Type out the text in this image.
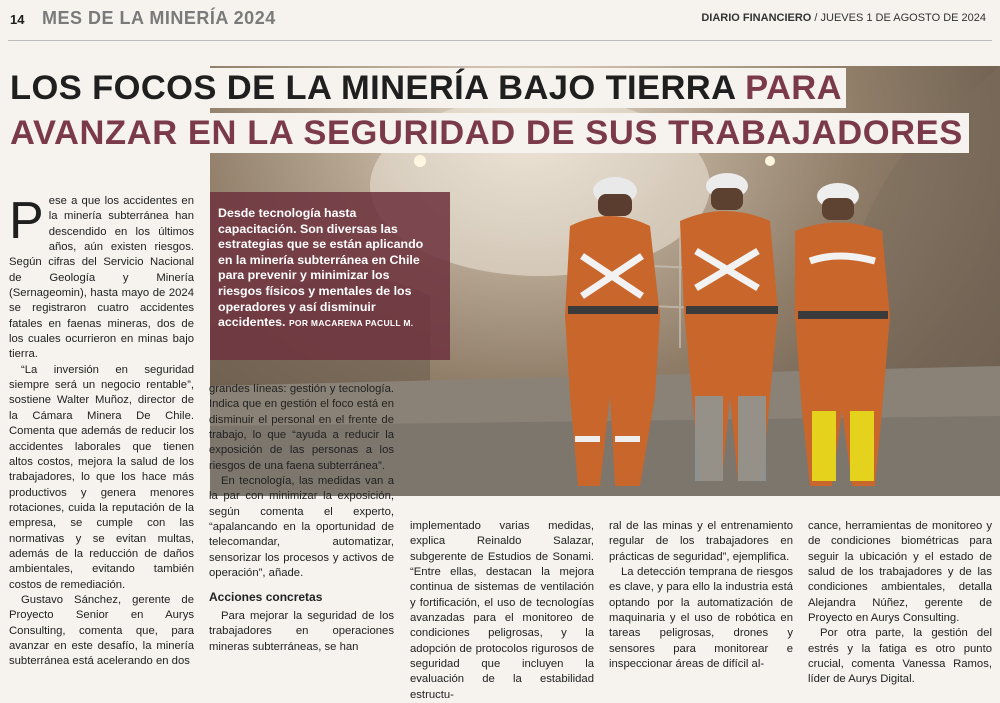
14 MES DE LA MINERÍA 2024	DIARIO FINANCIERO / JUEVES 1 DE AGOSTO DE 2024
LOS FOCOS DE LA MINERÍA BAJO TIERRA PARA
AVANZAR EN LA SEGURIDAD DE SUS TRABAJADORES
Desde tecnología hasta capacitación. Son diversas las estrategias que se están aplicando en la minería subterránea en Chile para prevenir y minimizar los riesgos físicos y mentales de los operadores y así disminuir accidentes. POR MACARENA PACULL M.

Pese a que los accidentes en la minería subterránea han descendido en los últimos años, aún existen riesgos. Según cifras del Servicio Nacional de Geología y Minería (Sernageomin), hasta mayo de 2024 se registraron cuatro accidentes fatales en faenas mineras, dos de los cuales ocurrieron en minas bajo tierra.

“La inversión en seguridad siempre será un negocio rentable”, sostiene Walter Muñoz, director de la Cámara Minera De Chile. Comenta que además de reducir los accidentes laborales que tienen altos costos, mejora la salud de los trabajadores, lo que los hace más productivos y genera menores rotaciones, cuida la reputación de la empresa, se cumple con las normativas y se evitan multas, además de la reducción de daños ambientales, evitando también costos de remediación.

Gustavo Sánchez, gerente de Proyecto Senior en Aurys Consulting, comenta que, para avanzar en este desafío, la minería subterránea está acelerando en dos

grandes líneas: gestión y tecnología. Indica que en gestión el foco está en disminuir el personal en el frente de trabajo, lo que “ayuda a reducir la exposición de las personas a los riesgos de una faena subterránea”.

En tecnología, las medidas van a la par con minimizar la exposición, según comenta el experto, “apalancando en la oportunidad de telecomandar, automatizar, sensorizar los procesos y activos de operación”, añade.

Acciones concretas

Para mejorar la seguridad de los trabajadores en operaciones mineras subterráneas, se han

implementado varias medidas, explica Reinaldo Salazar, subgerente de Estudios de Sonami. “Entre ellas, destacan la mejora continua de sistemas de ventilación y fortificación, el uso de tecnologías avanzadas para el monitoreo de condiciones peligrosas, y la adopción de protocolos rigurosos de seguridad que incluyen la evaluación de la estabilidad estructu-

ral de las minas y el entrenamiento regular de los trabajadores en prácticas de seguridad”, ejemplifica.

La detección temprana de riesgos es clave, y para ello la industria está optando por la automatización de maquinaria y el uso de robótica en tareas peligrosas, drones y sensores para monitorear e inspeccionar áreas de difícil al-

cance, herramientas de monitoreo y de condiciones biométricas para seguir la ubicación y el estado de salud de los trabajadores y de las condiciones ambientales, detalla Alejandra Núñez, gerente de Proyecto en Aurys Consulting.

Por otra parte, la gestión del estrés y la fatiga es otro punto crucial, comenta Vanessa Ramos, líder de Aurys Digital.
